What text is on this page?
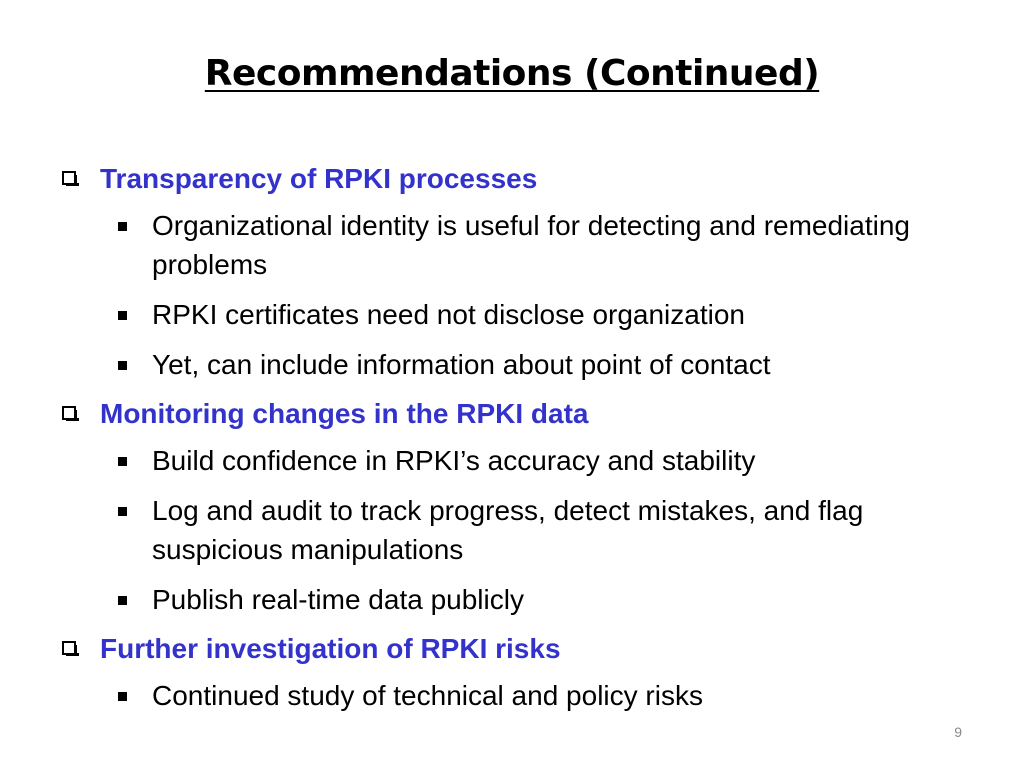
Recommendations (Continued)
Transparency of RPKI processes
Organizational identity is useful for detecting and remediating problems
RPKI certificates need not disclose organization
Yet, can include information about point of contact
Monitoring changes in the RPKI data
Build confidence in RPKI’s accuracy and stability
Log and audit to track progress, detect mistakes, and flag suspicious manipulations
Publish real-time data publicly
Further investigation of RPKI risks
Continued study of technical and policy risks
9
